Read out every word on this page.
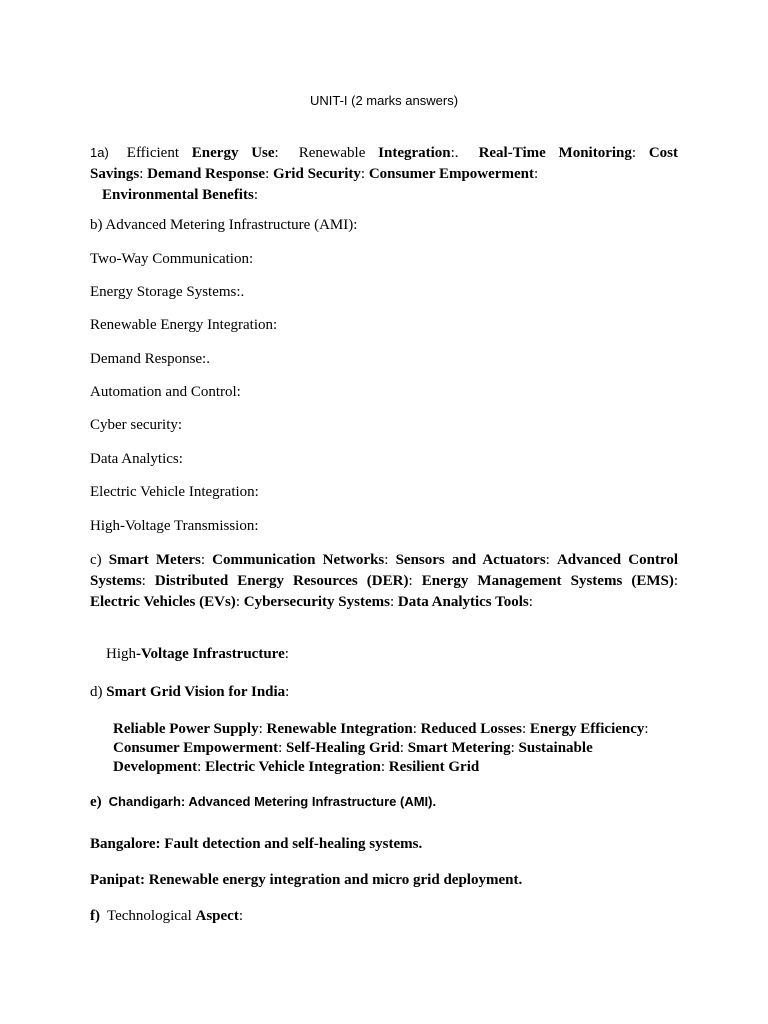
UNIT-I (2 marks answers)
1a) Efficient Energy Use: Renewable Integration:. Real-Time Monitoring: Cost Savings: Demand Response: Grid Security: Consumer Empowerment:
Environmental Benefits:
b) Advanced Metering Infrastructure (AMI):
Two-Way Communication:
Energy Storage Systems:.
Renewable Energy Integration:
Demand Response:.
Automation and Control:
Cyber security:
Data Analytics:
Electric Vehicle Integration:
High-Voltage Transmission:
c) Smart Meters: Communication Networks: Sensors and Actuators: Advanced Control Systems: Distributed Energy Resources (DER): Energy Management Systems (EMS): Electric Vehicles (EVs): Cybersecurity Systems: Data Analytics Tools:
High-Voltage Infrastructure:
d) Smart Grid Vision for India:
Reliable Power Supply: Renewable Integration: Reduced Losses: Energy Efficiency:
Consumer Empowerment: Self-Healing Grid: Smart Metering: Sustainable Development: Electric Vehicle Integration: Resilient Grid
e) Chandigarh: Advanced Metering Infrastructure (AMI).
Bangalore: Fault detection and self-healing systems.
Panipat: Renewable energy integration and micro grid deployment.
f) Technological Aspect:
